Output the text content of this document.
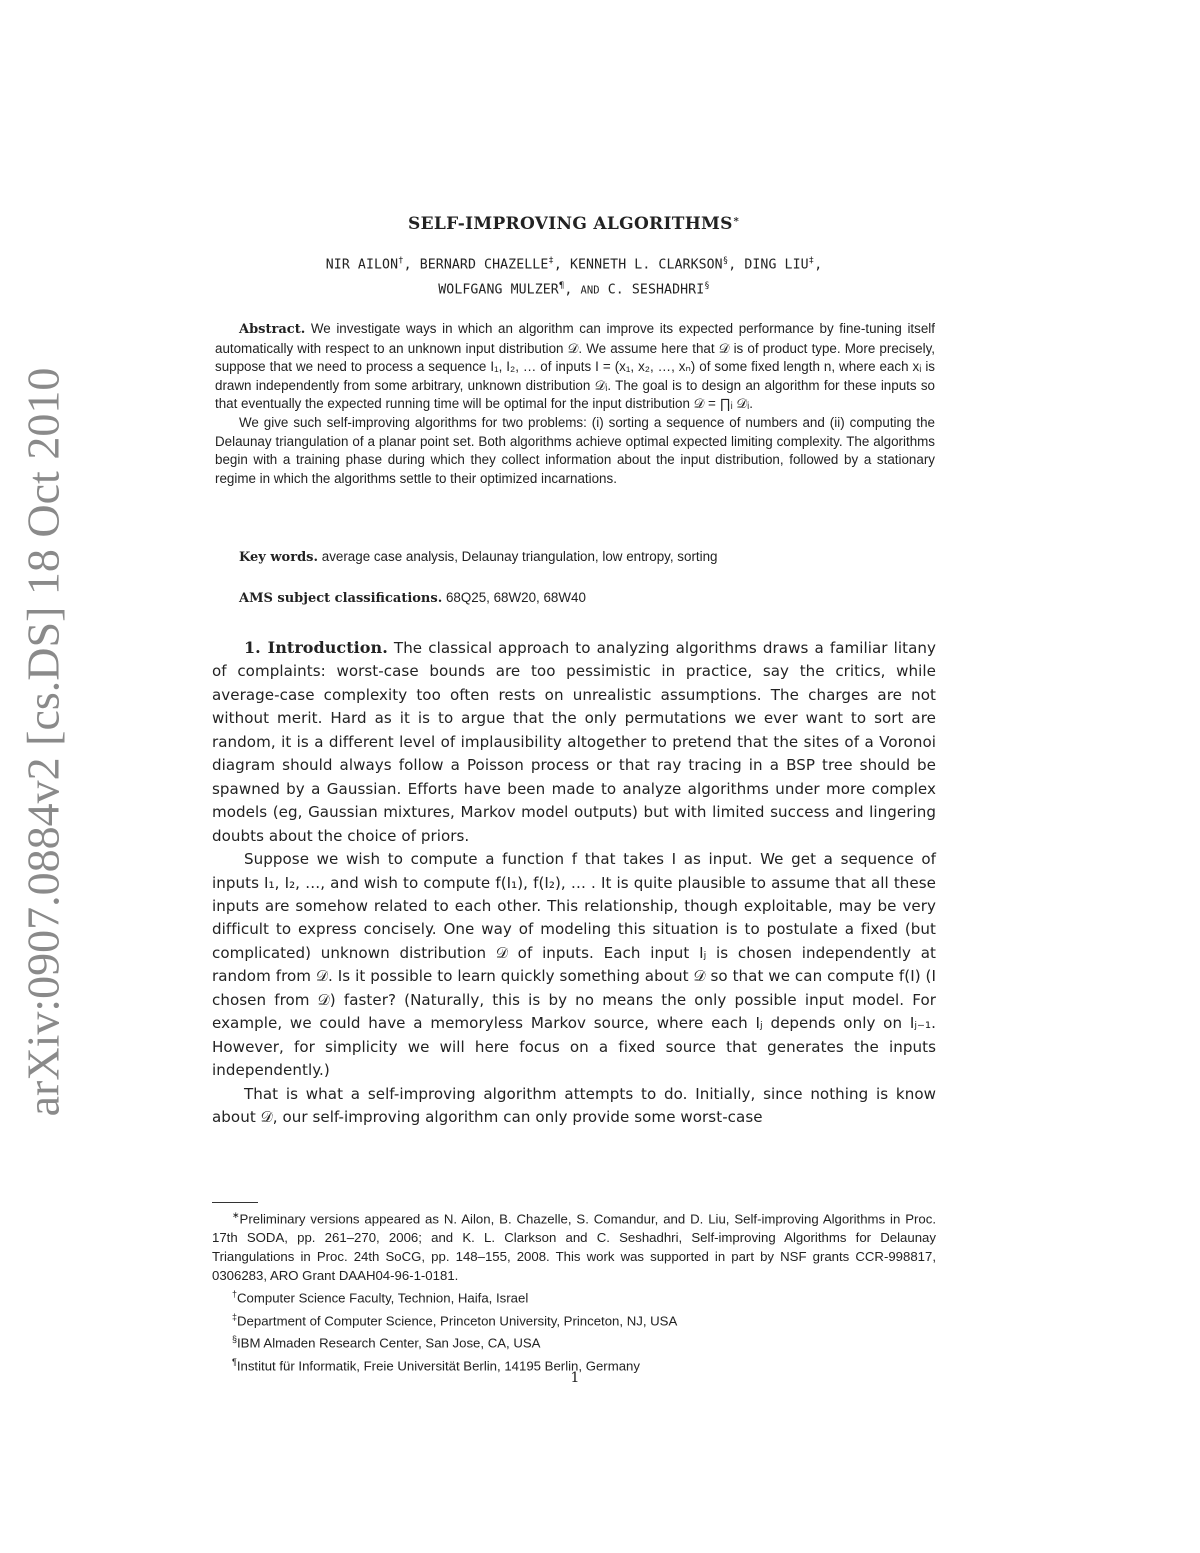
arXiv:0907.0884v2 [cs.DS] 18 Oct 2010
SELF-IMPROVING ALGORITHMS∗
NIR AILON†, BERNARD CHAZELLE‡, KENNETH L. CLARKSON§, DING LIU‡,
WOLFGANG MULZER¶, AND C. SESHADHRI§

Abstract. We investigate ways in which an algorithm can improve its expected performance by fine-tuning itself automatically with respect to an unknown input distribution 𝒟. We assume here that 𝒟 is of product type. More precisely, suppose that we need to process a sequence I₁, I₂, … of inputs I = (x₁, x₂, …, xₙ) of some fixed length n, where each xᵢ is drawn independently from some arbitrary, unknown distribution 𝒟ᵢ. The goal is to design an algorithm for these inputs so that eventually the expected running time will be optimal for the input distribution 𝒟 = ∏ᵢ 𝒟ᵢ.

We give such self-improving algorithms for two problems: (i) sorting a sequence of numbers and (ii) computing the Delaunay triangulation of a planar point set. Both algorithms achieve optimal expected limiting complexity. The algorithms begin with a training phase during which they collect information about the input distribution, followed by a stationary regime in which the algorithms settle to their optimized incarnations.

Key words. average case analysis, Delaunay triangulation, low entropy, sorting

AMS subject classifications. 68Q25, 68W20, 68W40

1. Introduction. The classical approach to analyzing algorithms draws a familiar litany of complaints: worst-case bounds are too pessimistic in practice, say the critics, while average-case complexity too often rests on unrealistic assumptions. The charges are not without merit. Hard as it is to argue that the only permutations we ever want to sort are random, it is a different level of implausibility altogether to pretend that the sites of a Voronoi diagram should always follow a Poisson process or that ray tracing in a BSP tree should be spawned by a Gaussian. Efforts have been made to analyze algorithms under more complex models (eg, Gaussian mixtures, Markov model outputs) but with limited success and lingering doubts about the choice of priors.

Suppose we wish to compute a function f that takes I as input. We get a sequence of inputs I₁, I₂, …, and wish to compute f(I₁), f(I₂), … . It is quite plausible to assume that all these inputs are somehow related to each other. This relationship, though exploitable, may be very difficult to express concisely. One way of modeling this situation is to postulate a fixed (but complicated) unknown distribution 𝒟 of inputs. Each input Iⱼ is chosen independently at random from 𝒟. Is it possible to learn quickly something about 𝒟 so that we can compute f(I) (I chosen from 𝒟) faster? (Naturally, this is by no means the only possible input model. For example, we could have a memoryless Markov source, where each Iⱼ depends only on Iⱼ₋₁. However, for simplicity we will here focus on a fixed source that generates the inputs independently.)

That is what a self-improving algorithm attempts to do. Initially, since nothing is know about 𝒟, our self-improving algorithm can only provide some worst-case

∗Preliminary versions appeared as N. Ailon, B. Chazelle, S. Comandur, and D. Liu, Self-improving Algorithms in Proc. 17th SODA, pp. 261–270, 2006; and K. L. Clarkson and C. Seshadhri, Self-improving Algorithms for Delaunay Triangulations in Proc. 24th SoCG, pp. 148–155, 2008. This work was supported in part by NSF grants CCR-998817, 0306283, ARO Grant DAAH04-96-1-0181.

†Computer Science Faculty, Technion, Haifa, Israel

‡Department of Computer Science, Princeton University, Princeton, NJ, USA

§IBM Almaden Research Center, San Jose, CA, USA

¶Institut für Informatik, Freie Universität Berlin, 14195 Berlin, Germany

1
